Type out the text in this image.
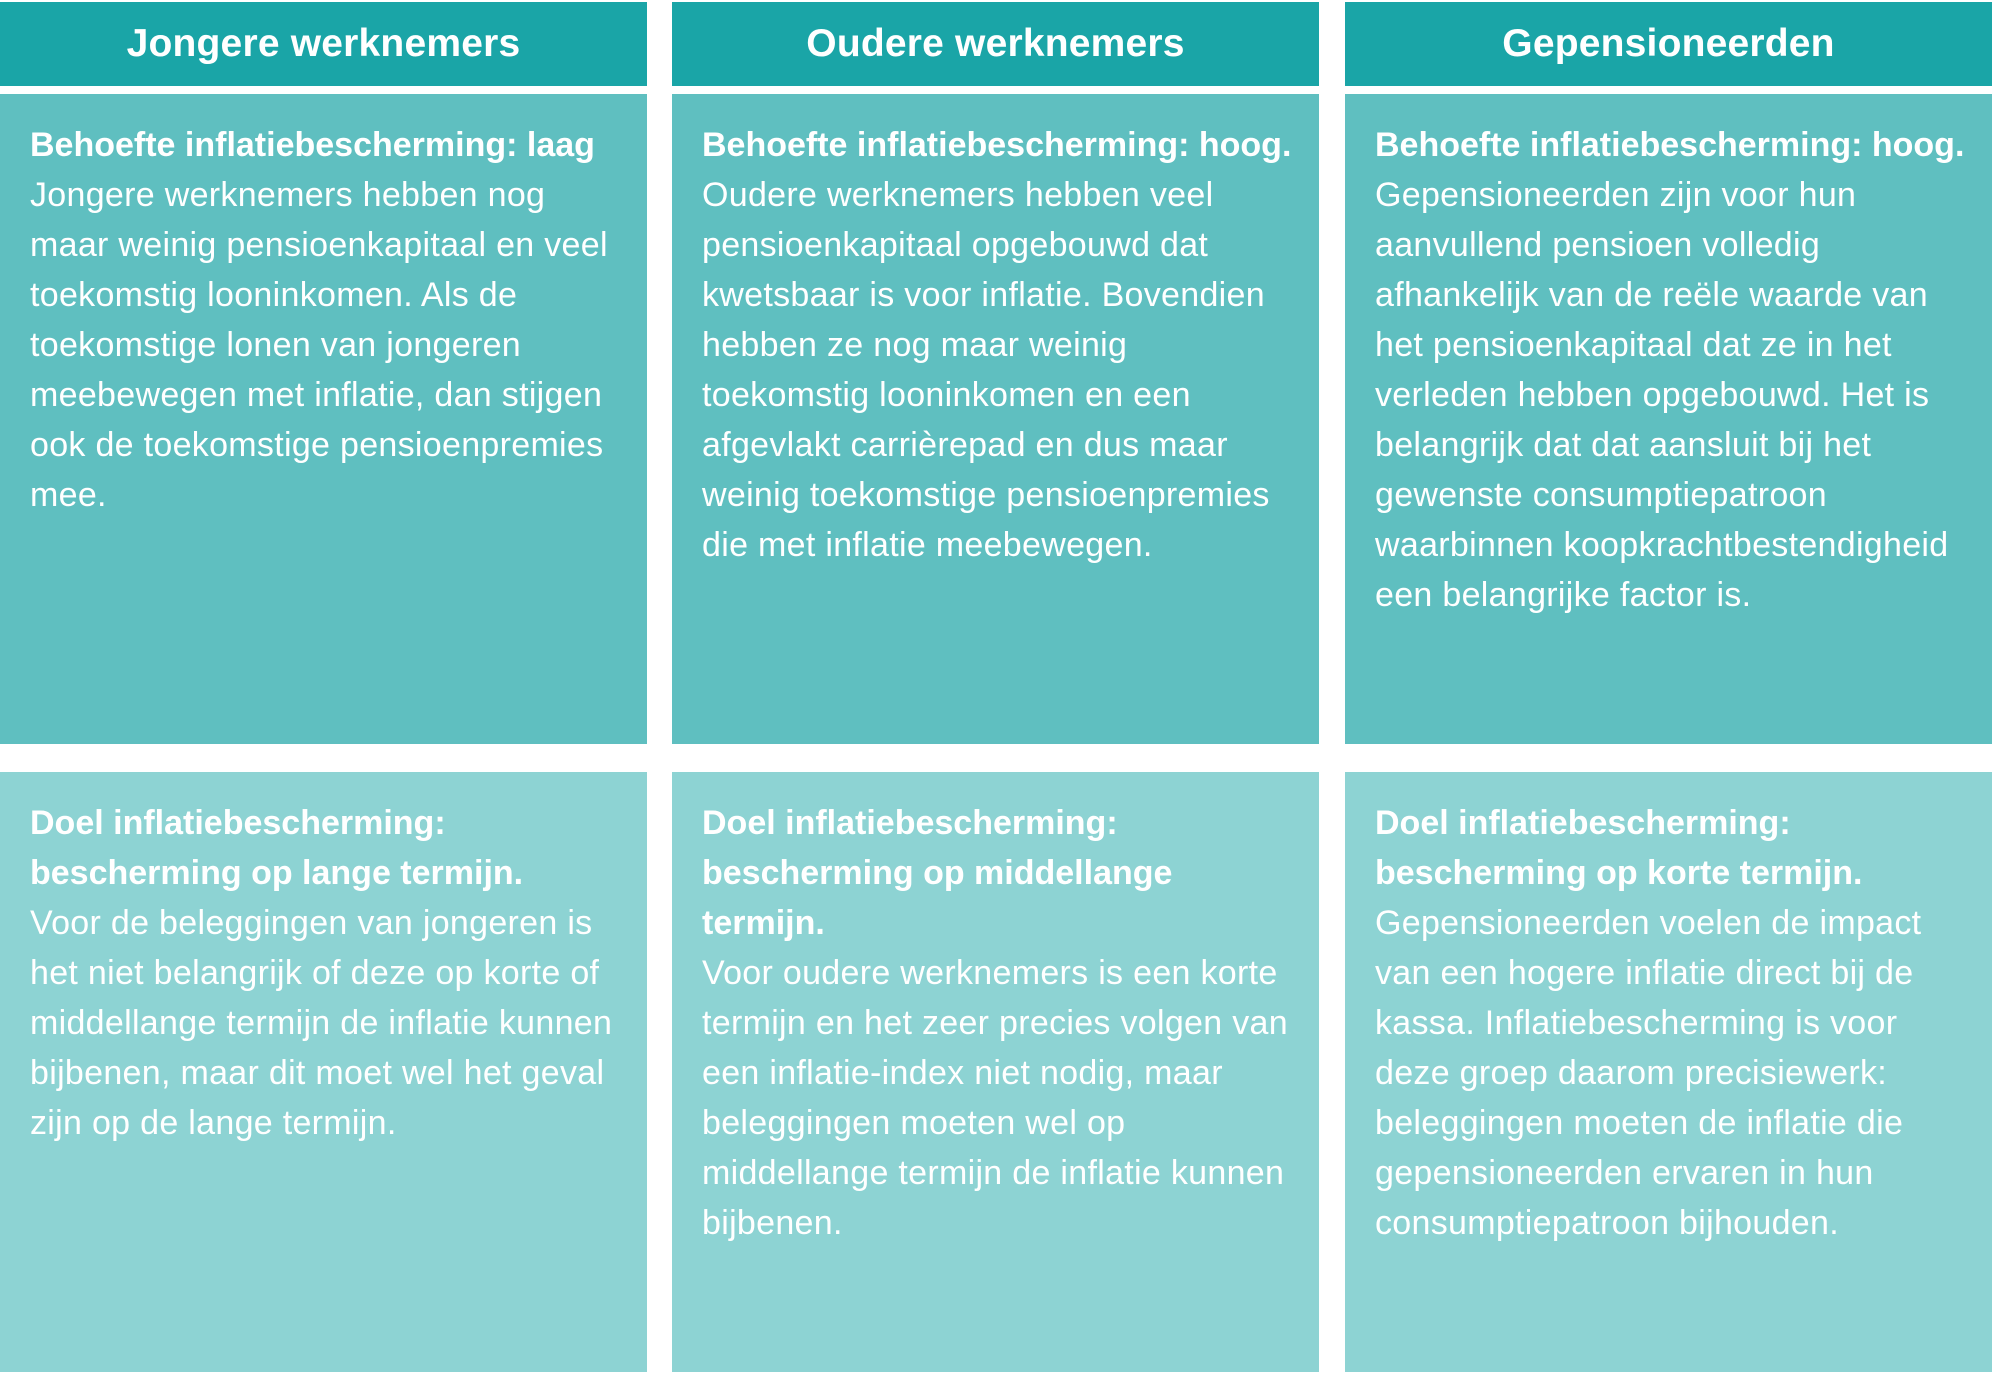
Jongere werknemers

Behoefte inflatiebescherming: laag

Jongere werknemers hebben nog maar weinig pensioenkapitaal en veel toekomstig looninkomen. Als de toekomstige lonen van jongeren meebewegen met inflatie, dan stijgen ook de toekomstige pensioenpremies mee.

Doel inflatiebescherming: bescherming op lange termijn.

Voor de beleggingen van jongeren is het niet belangrijk of deze op korte of middellange termijn de inflatie kunnen bijbenen, maar dit moet wel het geval zijn op de lange termijn.

Oudere werknemers

Behoefte inflatiebescherming: hoog.

Oudere werknemers hebben veel pensioenkapitaal opgebouwd dat kwetsbaar is voor inflatie. Bovendien hebben ze nog maar weinig toekomstig looninkomen en een afgevlakt carrièrepad en dus maar weinig toekomstige pensioenpremies die met inflatie meebewegen.

Doel inflatiebescherming: bescherming op middellange termijn.

Voor oudere werknemers is een korte termijn en het zeer precies volgen van een inflatie-index niet nodig, maar beleggingen moeten wel op middellange termijn de inflatie kunnen bijbenen.

Gepensioneerden

Behoefte inflatiebescherming: hoog.

Gepensioneerden zijn voor hun aanvullend pensioen volledig afhankelijk van de reële waarde van het pensioenkapitaal dat ze in het verleden hebben opgebouwd. Het is belangrijk dat dat aansluit bij het gewenste consumptiepatroon waarbinnen koopkrachtbestendigheid een belangrijke factor is.

Doel inflatiebescherming: bescherming op korte termijn.

Gepensioneerden voelen de impact van een hogere inflatie direct bij de kassa. Inflatiebescherming is voor deze groep daarom precisiewerk: beleggingen moeten de inflatie die gepensioneerden ervaren in hun consumptiepatroon bijhouden.
